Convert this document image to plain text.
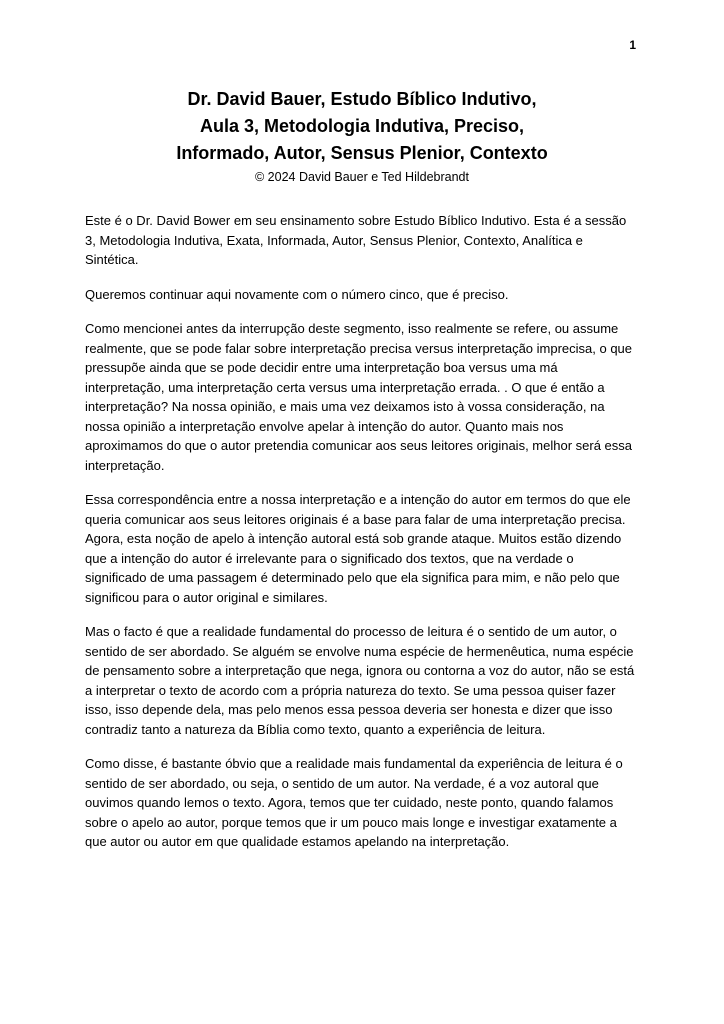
1
Dr. David Bauer, Estudo Bíblico Indutivo,
Aula 3, Metodologia Indutiva, Preciso,
Informado, Autor, Sensus Plenior, Contexto
© 2024 David Bauer e Ted Hildebrandt

Este é o Dr. David Bower em seu ensinamento sobre Estudo Bíblico Indutivo. Esta é a sessão 3, Metodologia Indutiva, Exata, Informada, Autor, Sensus Plenior, Contexto, Analítica e Sintética.

Queremos continuar aqui novamente com o número cinco, que é preciso.

Como mencionei antes da interrupção deste segmento, isso realmente se refere, ou assume realmente, que se pode falar sobre interpretação precisa versus interpretação imprecisa, o que pressupõe ainda que se pode decidir entre uma interpretação boa versus uma má interpretação, uma interpretação certa versus uma interpretação errada. . O que é então a interpretação? Na nossa opinião, e mais uma vez deixamos isto à vossa consideração, na nossa opinião a interpretação envolve apelar à intenção do autor. Quanto mais nos aproximamos do que o autor pretendia comunicar aos seus leitores originais, melhor será essa interpretação.

Essa correspondência entre a nossa interpretação e a intenção do autor em termos do que ele queria comunicar aos seus leitores originais é a base para falar de uma interpretação precisa. Agora, esta noção de apelo à intenção autoral está sob grande ataque. Muitos estão dizendo que a intenção do autor é irrelevante para o significado dos textos, que na verdade o significado de uma passagem é determinado pelo que ela significa para mim, e não pelo que significou para o autor original e similares.

Mas o facto é que a realidade fundamental do processo de leitura é o sentido de um autor, o sentido de ser abordado. Se alguém se envolve numa espécie de hermenêutica, numa espécie de pensamento sobre a interpretação que nega, ignora ou contorna a voz do autor, não se está a interpretar o texto de acordo com a própria natureza do texto. Se uma pessoa quiser fazer isso, isso depende dela, mas pelo menos essa pessoa deveria ser honesta e dizer que isso contradiz tanto a natureza da Bíblia como texto, quanto a experiência de leitura.

Como disse, é bastante óbvio que a realidade mais fundamental da experiência de leitura é o sentido de ser abordado, ou seja, o sentido de um autor. Na verdade, é a voz autoral que ouvimos quando lemos o texto. Agora, temos que ter cuidado, neste ponto, quando falamos sobre o apelo ao autor, porque temos que ir um pouco mais longe e investigar exatamente a que autor ou autor em que qualidade estamos apelando na interpretação.
